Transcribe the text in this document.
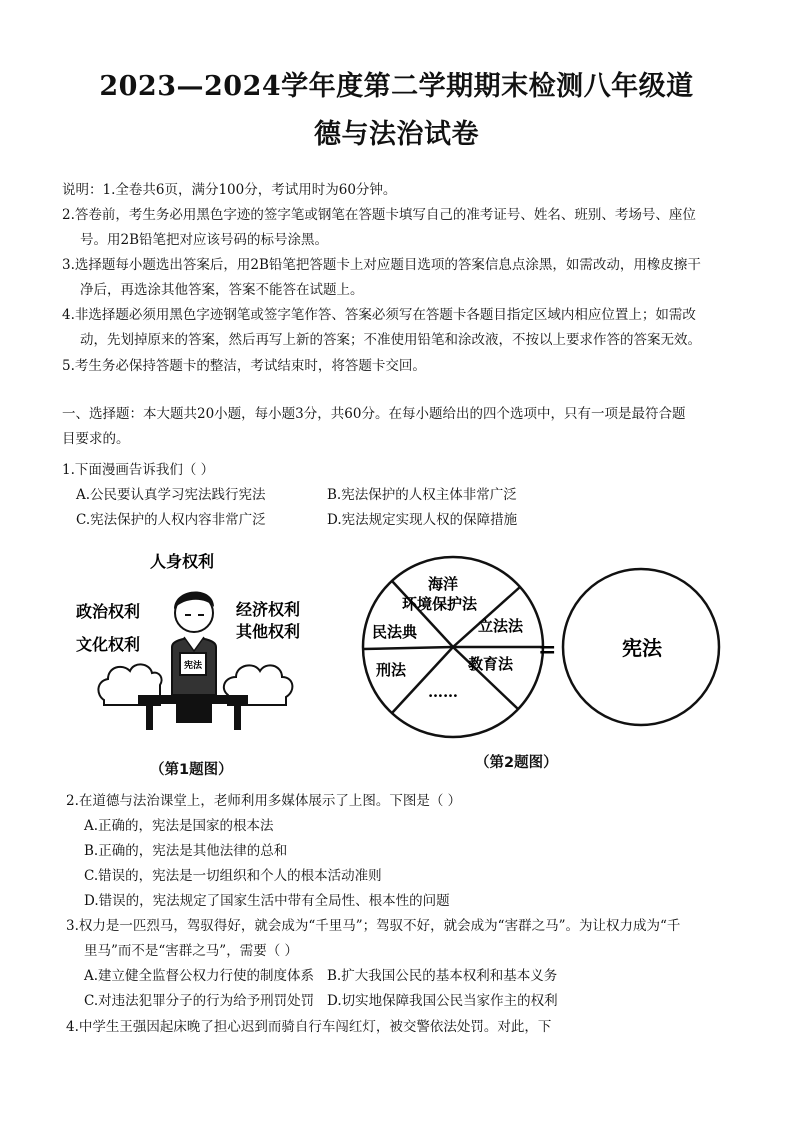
2023—2024学年度第二学期期末检测八年级道
德与法治试卷
说明：1.全卷共6页，满分100分，考试用时为60分钟。
2.答卷前，考生务必用黑色字迹的签字笔或钢笔在答题卡填写自己的准考证号、姓名、班别、考场号、座位
号。用2B铅笔把对应该号码的标号涂黑。
3.选择题每小题选出答案后，用2B铅笔把答题卡上对应题目选项的答案信息点涂黑，如需改动，用橡皮擦干
净后，再选涂其他答案，答案不能答在试题上。
4.非选择题必须用黑色字迹钢笔或签字笔作答、答案必须写在答题卡各题目指定区域内相应位置上；如需改
动，先划掉原来的答案，然后再写上新的答案；不准使用铅笔和涂改液，不按以上要求作答的答案无效。
5.考生务必保持答题卡的整洁，考试结束时，将答题卡交回。
一、选择题：本大题共20小题，每小题3分，共60分。在每小题给出的四个选项中，只有一项是最符合题
目要求的。
1.下面漫画告诉我们（ ）
A.公民要认真学习宪法践行宪法	B.宪法保护的人权主体非常广泛
C.宪法保护的人权内容非常广泛	D.宪法规定实现人权的保障措施
人身权利
政治权利	经济权利
其他权利
文化权利
宪法
（第1题图）
海洋
环境保护法
民法典	立法法
刑法	教育法
……
=	宪法
（第2题图）
2.在道德与法治课堂上，老师利用多媒体展示了上图。下图是（ ）
A.正确的，宪法是国家的根本法
B.正确的，宪法是其他法律的总和
C.错误的，宪法是一切组织和个人的根本活动准则
D.错误的，宪法规定了国家生活中带有全局性、根本性的问题
3.权力是一匹烈马，驾驭得好，就会成为“千里马”；驾驭不好，就会成为“害群之马”。为让权力成为“千
里马”而不是“害群之马”，需要（ ）
A.建立健全监督公权力行使的制度体系 B.扩大我国公民的基本权利和基本义务
C.对违法犯罪分子的行为给予刑罚处罚 D.切实地保障我国公民当家作主的权利
4.中学生王强因起床晚了担心迟到而骑自行车闯红灯，被交警依法处罚。对此，下
